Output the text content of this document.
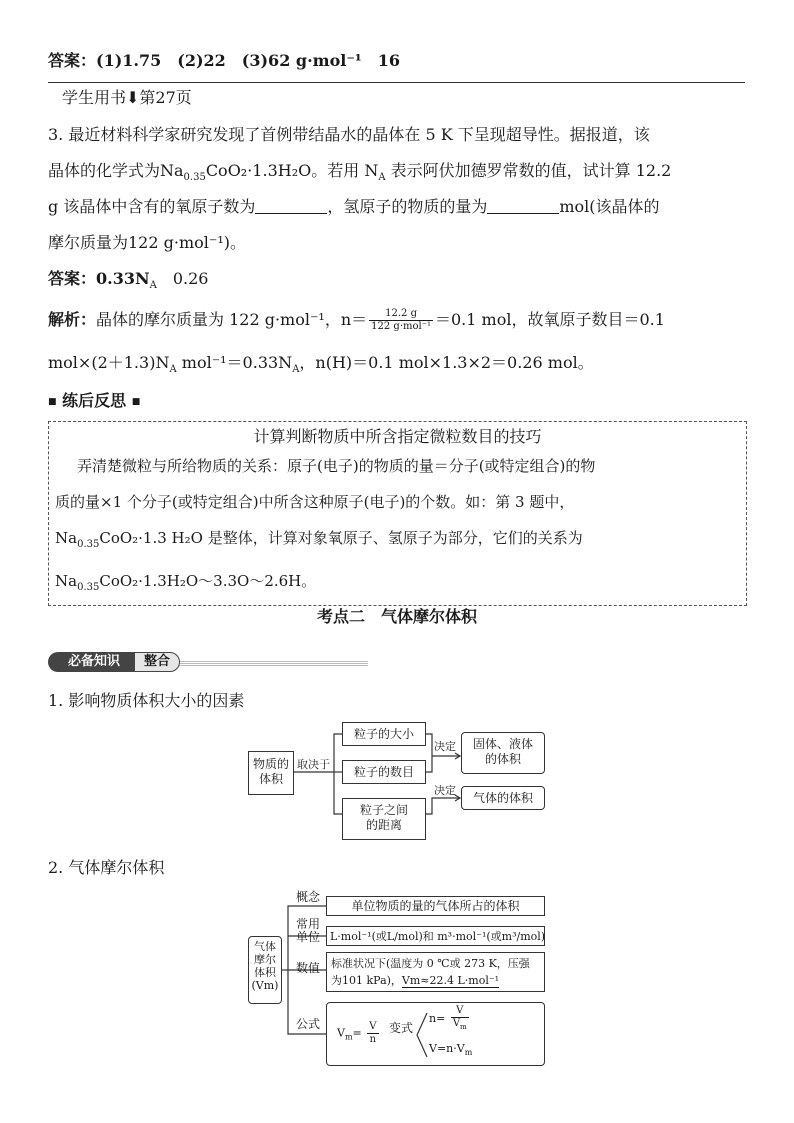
答案：(1)1.75　(2)22　(3)62 g·mol⁻¹　16
学生用书⬇第27页
3. 最近材料科学家研究发现了首例带结晶水的晶体在 5 K 下呈现超导性。据报道，该
晶体的化学式为$Na_{0.35}CoO_2\cdot 1.3H_2O$。若用 $N_A$ 表示阿伏加德罗常数的值，试计算 12.2
g 该晶体中含有的氧原子数为	，氢原子的物质的量为	mol(该晶体的
摩尔质量为122 g·mol⁻¹)。
答案：$0.33N_A$　0.26
解析：晶体的摩尔质量为 122 g·mol⁻¹，$n= \frac{12.2 g}{\text{122 g·mol⁻¹}} =0.1$ mol，故氧原子数目＝0.1
$mol\times(2+1.3)N_A$ $mol^{-1}=0.33N_A$，n(H)＝0.1 mol×1.3×2＝0.26 mol。
■ 练后反思 ■
计算判断物质中所含指定微粒数目的技巧
弄清楚微粒与所给物质的关系：原子(电子)的物质的量＝分子(或特定组合)的物
质的量×1 个分子(或特定组合)中所含这种原子(电子)的个数。如：第 3 题中，
$Na_{0.35}CoO_2\cdot 1.3$ H₂O 是整体，计算对象氧原子、氢原子为部分，它们的关系为
$Na_{0.35}CoO_2\cdot 1.3H_2O\sim 3.3O\sim 2.6H$。
考点二　气体摩尔体积
必备知识	整合
1. 影响物质体积大小的因素
物质的体积
取决于
粒子的大小
粒子的数目
粒子之间的距离
决定
决定
固体、液体的体积
气体的体积
2. 气体摩尔体积
气体摩尔体积(Vm)
概念
单位物质的量的气体所占的体积
常用
单位 L·mol⁻¹(或L/mol)和 m³·mol⁻¹(或m³/mol)
数值 标准状况下(温度为 0 ℃或 273 K，压强
为101 kPa)，Vm≈22.4 L·mol⁻¹
公式
$V_m= \frac{V}{n}$ 变式
$n= \frac{V}{V_m}$
$V=n\cdot V_m$
